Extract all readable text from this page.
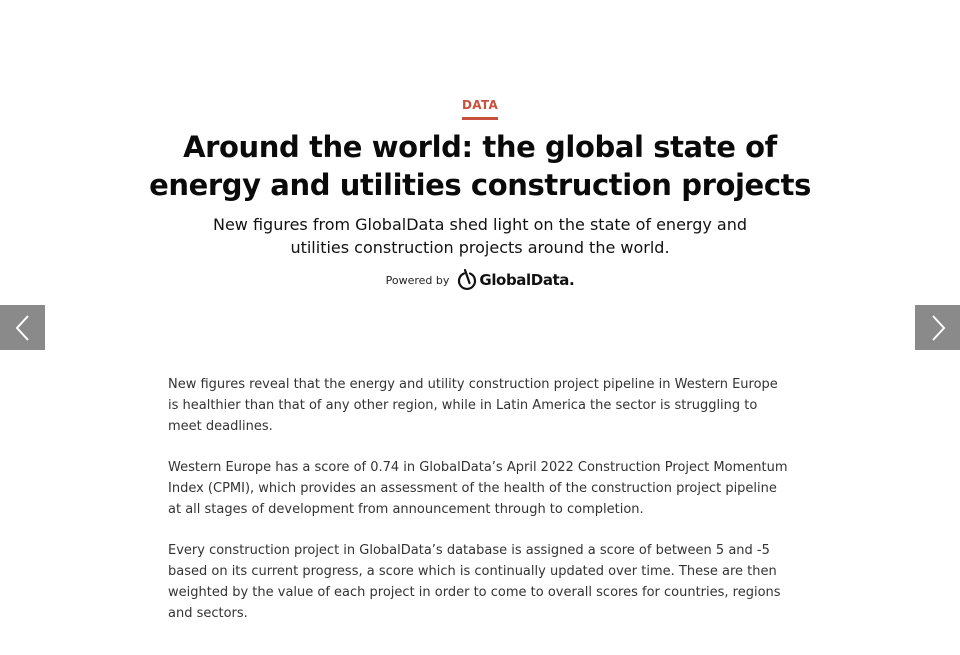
DATA
Around the world: the global state of energy and utilities construction projects

New figures from GlobalData shed light on the state of energy and utilities construction projects around the world.

Powered by GlobalData.

New figures reveal that the energy and utility construction project pipeline in Western Europe is healthier than that of any other region, while in Latin America the sector is struggling to meet deadlines.

Western Europe has a score of 0.74 in GlobalData’s April 2022 Construction Project Momentum Index (CPMI), which provides an assessment of the health of the construction project pipeline at all stages of development from announcement through to completion.

Every construction project in GlobalData’s database is assigned a score of between 5 and -5 based on its current progress, a score which is continually updated over time. These are then weighted by the value of each project in order to come to overall scores for countries, regions and sectors.
